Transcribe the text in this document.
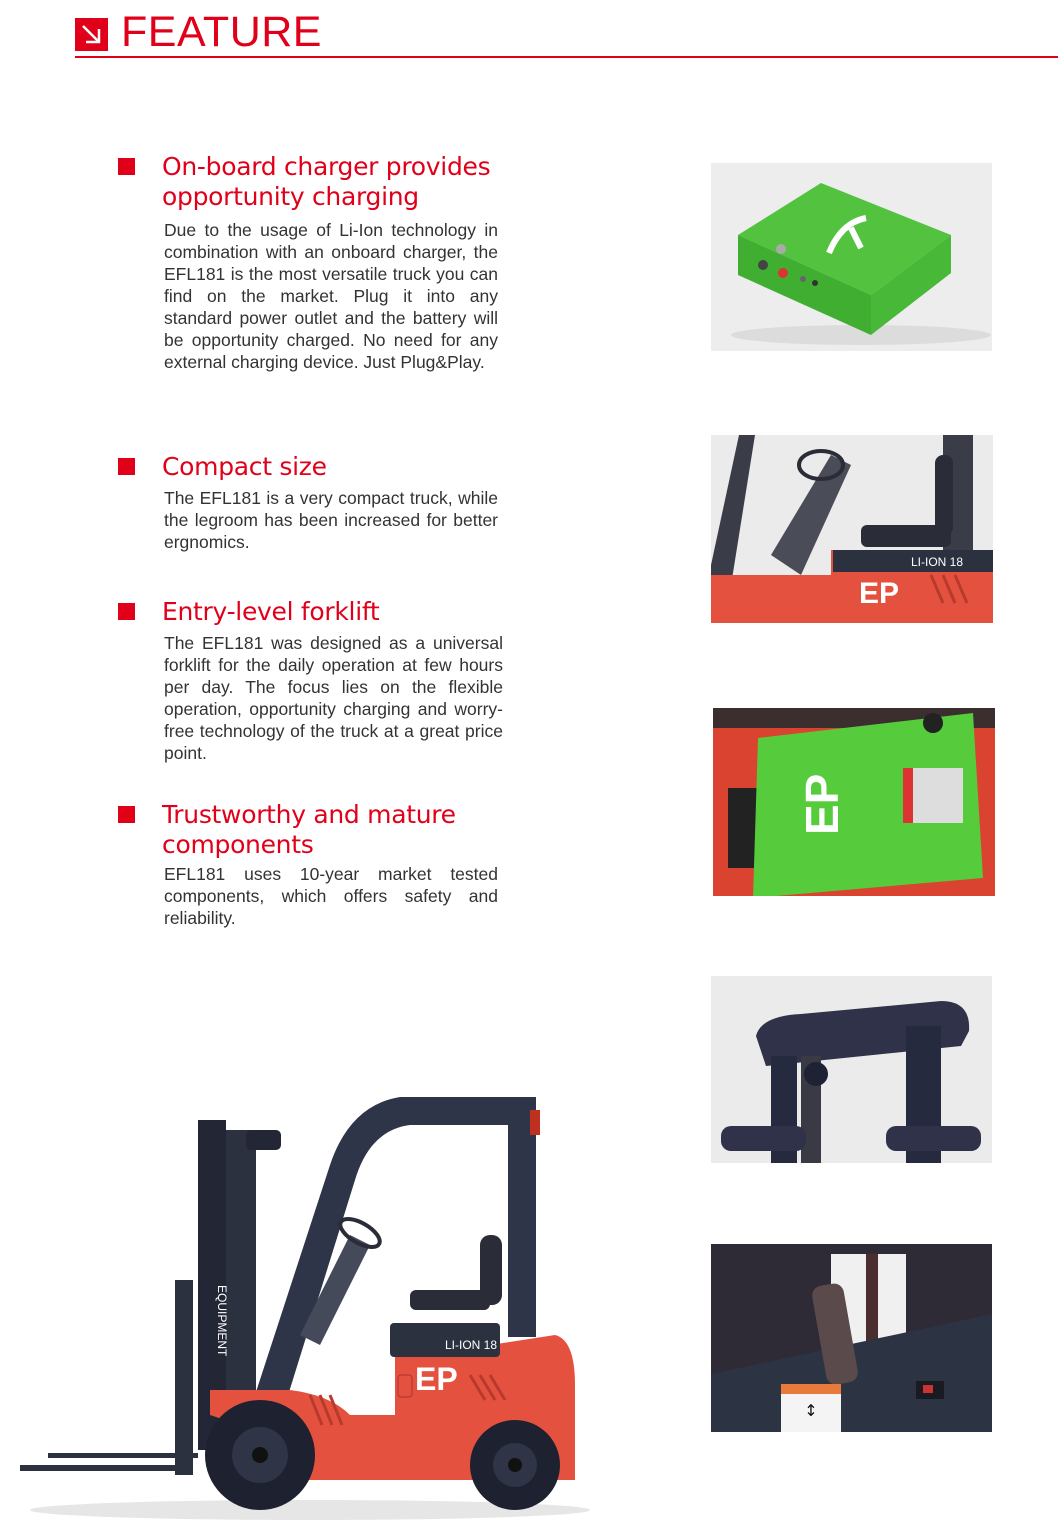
FEATURE
On-board charger provides
opportunity charging
Due to the usage of Li-Ion technology in combination with an onboard charger, the EFL181 is the most versatile truck you can find on the market. Plug it into any standard power outlet and the battery will be opportunity charged. No need for any external charging device. Just Plug&Play.
Compact size
The EFL181 is a very compact truck, while the legroom has been increased for better ergnomics.
Entry-level forklift
The EFL181 was designed as a universal forklift for the daily operation at few hours per day. The focus lies on the flexible operation, opportunity charging and worry-free technology of the truck at a great price point.
Trustworthy and mature
components
EFL181 uses 10-year market tested components, which offers safety and reliability.
LI-ION 18
EP
EP
↕
EQUIPMENT	LI-ION 18
EP
